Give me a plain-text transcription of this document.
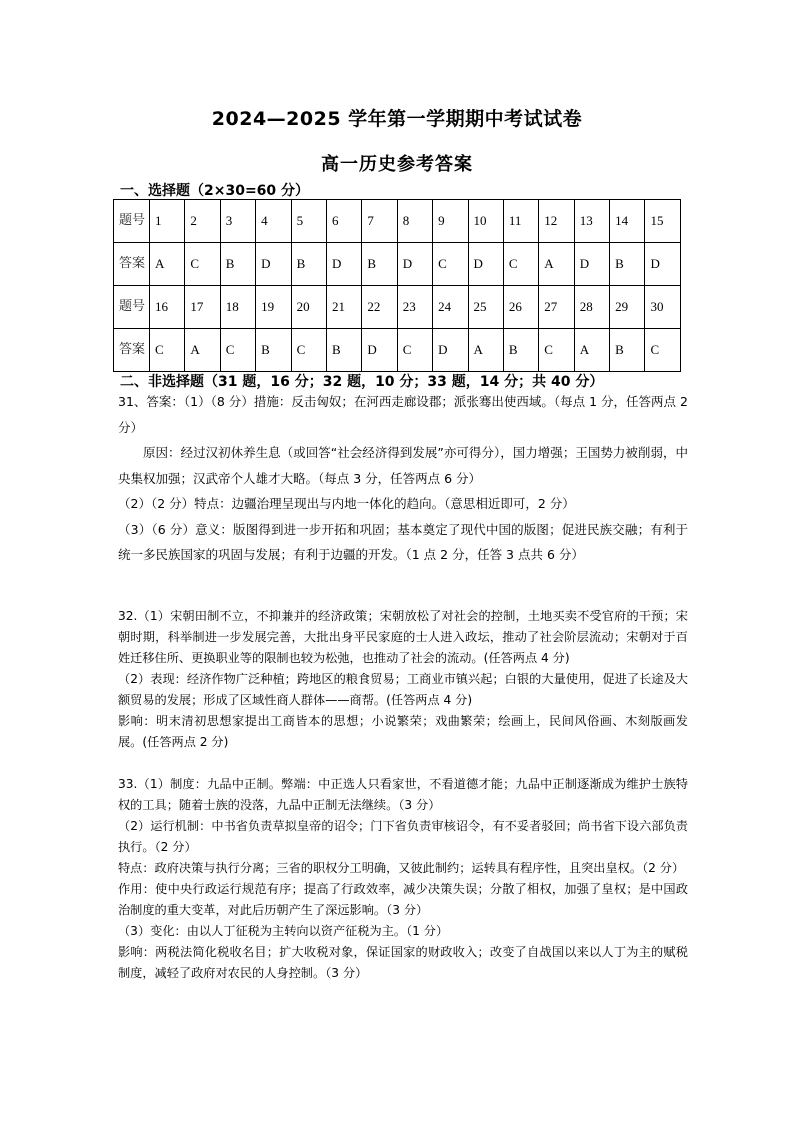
2024—2025 学年第一学期期中考试试卷
高一历史参考答案
一、选择题（2×30=60 分）
题号	1	2	3	4	5	6	7	8	9	10	11	12	13	14	15
答案	A	C	B	D	B	D	B	D	C	D	C	A	D	B	D
题号	16	17	18	19	20	21	22	23	24	25	26	27	28	29	30
答案	C	A	C	B	C	B	D	C	D	A	B	C	A	B	C
二、非选择题（31 题，16 分；32 题，10 分；33 题，14 分；共 40 分）

31、答案：（1）（8 分）措施：反击匈奴；在河西走廊设郡；派张骞出使西域。（每点 1 分，任答两点 2 分）

原因：经过汉初休养生息（或回答“社会经济得到发展”亦可得分），国力增强；王国势力被削弱，中央集权加强；汉武帝个人雄才大略。（每点 3 分，任答两点 6 分）

（2）（2 分）特点：边疆治理呈现出与内地一体化的趋向。（意思相近即可，2 分）

（3）（6 分）意义：版图得到进一步开拓和巩固；基本奠定了现代中国的版图；促进民族交融；有利于统一多民族国家的巩固与发展；有利于边疆的开发。（1 点 2 分，任答 3 点共 6 分）

32.（1）宋朝田制不立，不抑兼并的经济政策；宋朝放松了对社会的控制，土地买卖不受官府的干预；宋朝时期，科举制进一步发展完善，大批出身平民家庭的士人进入政坛，推动了社会阶层流动；宋朝对于百姓迁移住所、更换职业等的限制也较为松弛，也推动了社会的流动。(任答两点 4 分)

（2）表现：经济作物广泛种植；跨地区的粮食贸易；工商业市镇兴起；白银的大量使用，促进了长途及大额贸易的发展；形成了区域性商人群体——商帮。(任答两点 4 分)

影响：明末清初思想家提出工商皆本的思想；小说繁荣；戏曲繁荣；绘画上，民间风俗画、木刻版画发展。(任答两点 2 分)

33.（1）制度：九品中正制。弊端：中正选人只看家世，不看道德才能；九品中正制逐渐成为维护士族特权的工具；随着士族的没落，九品中正制无法继续。（3 分）

（2）运行机制：中书省负责草拟皇帝的诏令；门下省负责审核诏令，有不妥者驳回；尚书省下设六部负责执行。（2 分）

特点：政府决策与执行分离；三省的职权分工明确，又彼此制约；运转具有程序性，且突出皇权。（2 分）

作用：使中央行政运行规范有序；提高了行政效率，减少决策失误；分散了相权，加强了皇权；是中国政治制度的重大变革，对此后历朝产生了深远影响。（3 分）

（3）变化：由以人丁征税为主转向以资产征税为主。（1 分）

影响：两税法简化税收名目；扩大收税对象，保证国家的财政收入；改变了自战国以来以人丁为主的赋税制度，减轻了政府对农民的人身控制。（3 分）
